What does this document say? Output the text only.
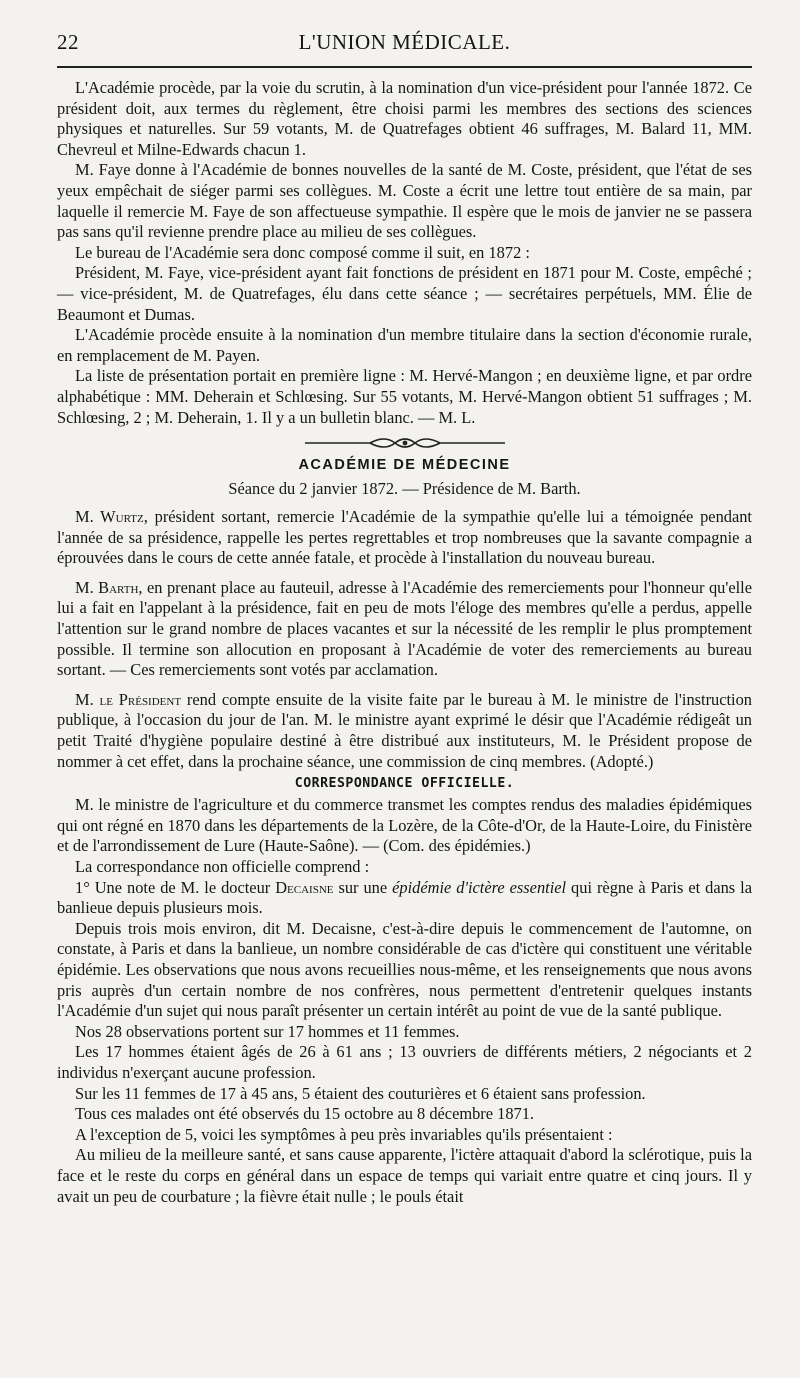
22	L'UNION MÉDICALE.

L'Académie procède, par la voie du scrutin, à la nomination d'un vice-président pour l'année 1872. Ce président doit, aux termes du règlement, être choisi parmi les membres des sections des sciences physiques et naturelles. Sur 59 votants, M. de Quatrefages obtient 46 suffrages, M. Balard 11, MM. Chevreul et Milne-Edwards chacun 1.

M. Faye donne à l'Académie de bonnes nouvelles de la santé de M. Coste, président, que l'état de ses yeux empêchait de siéger parmi ses collègues. M. Coste a écrit une lettre tout entière de sa main, par laquelle il remercie M. Faye de son affectueuse sympathie. Il espère que le mois de janvier ne se passera pas sans qu'il revienne prendre place au milieu de ses collègues.

Le bureau de l'Académie sera donc composé comme il suit, en 1872 :

Président, M. Faye, vice-président ayant fait fonctions de président en 1871 pour M. Coste, empêché ; — vice-président, M. de Quatrefages, élu dans cette séance ; — secrétaires perpétuels, MM. Élie de Beaumont et Dumas.

L'Académie procède ensuite à la nomination d'un membre titulaire dans la section d'économie rurale, en remplacement de M. Payen.

La liste de présentation portait en première ligne : M. Hervé-Mangon ; en deuxième ligne, et par ordre alphabétique : MM. Deherain et Schlœsing. Sur 55 votants, M. Hervé-Mangon obtient 51 suffrages ; M. Schlœsing, 2 ; M. Deherain, 1. Il y a un bulletin blanc. — M. L.

ACADÉMIE DE MÉDECINE
Séance du 2 janvier 1872. — Présidence de M. Barth.

M. Wurtz, président sortant, remercie l'Académie de la sympathie qu'elle lui a témoignée pendant l'année de sa présidence, rappelle les pertes regrettables et trop nombreuses que la savante compagnie a éprouvées dans le cours de cette année fatale, et procède à l'installation du nouveau bureau.

M. Barth, en prenant place au fauteuil, adresse à l'Académie des remerciements pour l'honneur qu'elle lui a fait en l'appelant à la présidence, fait en peu de mots l'éloge des membres qu'elle a perdus, appelle l'attention sur le grand nombre de places vacantes et sur la nécessité de les remplir le plus promptement possible. Il termine son allocution en proposant à l'Académie de voter des remerciements au bureau sortant. — Ces remerciements sont votés par acclamation.

M. le Président rend compte ensuite de la visite faite par le bureau à M. le ministre de l'instruction publique, à l'occasion du jour de l'an. M. le ministre ayant exprimé le désir que l'Académie rédigeât un petit Traité d'hygiène populaire destiné à être distribué aux instituteurs, M. le Président propose de nommer à cet effet, dans la prochaine séance, une commission de cinq membres. (Adopté.)

CORRESPONDANCE OFFICIELLE.

M. le ministre de l'agriculture et du commerce transmet les comptes rendus des maladies épidémiques qui ont régné en 1870 dans les départements de la Lozère, de la Côte-d'Or, de la Haute-Loire, du Finistère et de l'arrondissement de Lure (Haute-Saône). — (Com. des épidémies.)

La correspondance non officielle comprend :

1° Une note de M. le docteur Decaisne sur une épidémie d'ictère essentiel qui règne à Paris et dans la banlieue depuis plusieurs mois.

Depuis trois mois environ, dit M. Decaisne, c'est-à-dire depuis le commencement de l'automne, on constate, à Paris et dans la banlieue, un nombre considérable de cas d'ictère qui constituent une véritable épidémie. Les observations que nous avons recueillies nous-même, et les renseignements que nous avons pris auprès d'un certain nombre de nos confrères, nous permettent d'entretenir quelques instants l'Académie d'un sujet qui nous paraît présenter un certain intérêt au point de vue de la santé publique.

Nos 28 observations portent sur 17 hommes et 11 femmes.

Les 17 hommes étaient âgés de 26 à 61 ans ; 13 ouvriers de différents métiers, 2 négociants et 2 individus n'exerçant aucune profession.

Sur les 11 femmes de 17 à 45 ans, 5 étaient des couturières et 6 étaient sans profession.

Tous ces malades ont été observés du 15 octobre au 8 décembre 1871.

A l'exception de 5, voici les symptômes à peu près invariables qu'ils présentaient :

Au milieu de la meilleure santé, et sans cause apparente, l'ictère attaquait d'abord la sclérotique, puis la face et le reste du corps en général dans un espace de temps qui variait entre quatre et cinq jours. Il y avait un peu de courbature ; la fièvre était nulle ; le pouls était
